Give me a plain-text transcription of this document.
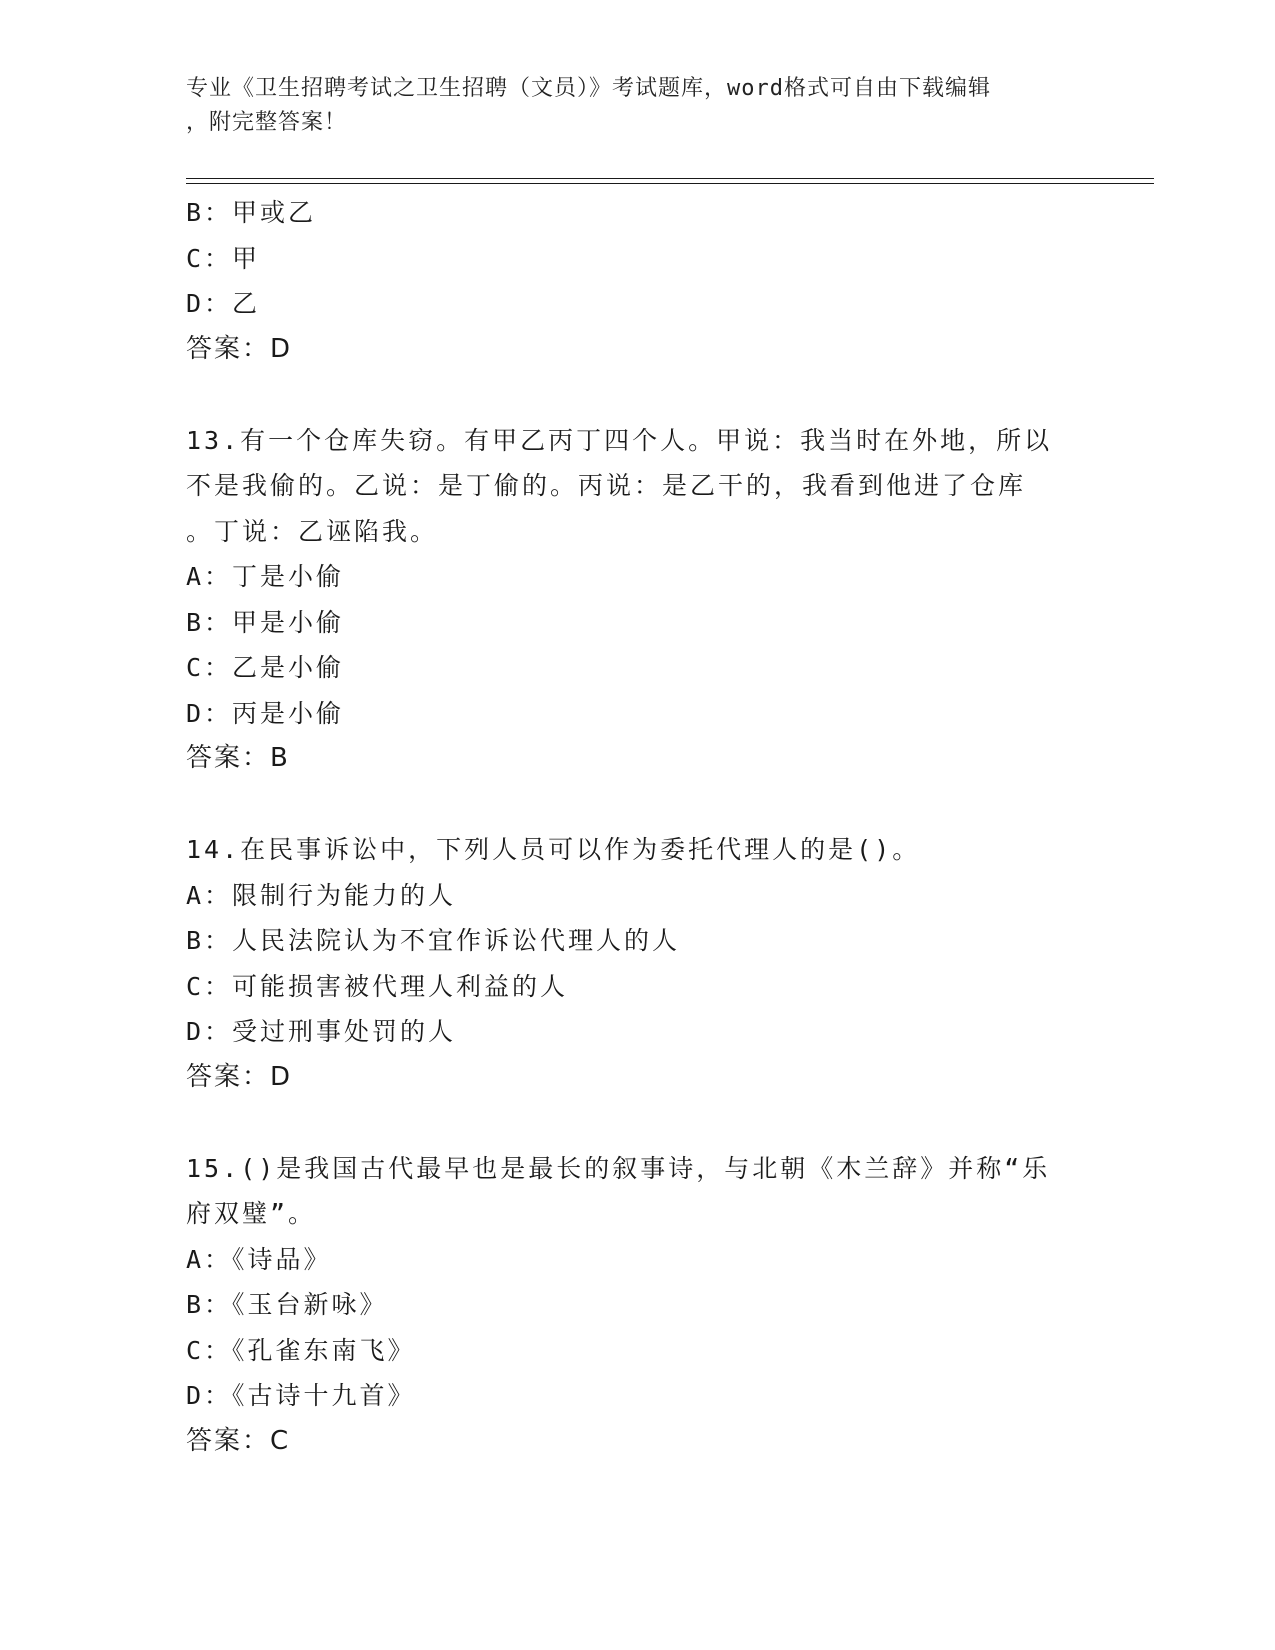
专业《卫生招聘考试之卫生招聘（文员）》考试题库，word格式可自由下载编辑
，附完整答案！
B：甲或乙
C：甲
D：乙
答案：D
13.有一个仓库失窃。有甲乙丙丁四个人。甲说：我当时在外地，所以
不是我偷的。乙说：是丁偷的。丙说：是乙干的，我看到他进了仓库
。丁说：乙诬陷我。
A：丁是小偷
B：甲是小偷
C：乙是小偷
D：丙是小偷
答案：B
14.在民事诉讼中，下列人员可以作为委托代理人的是()。
A：限制行为能力的人
B：人民法院认为不宜作诉讼代理人的人
C：可能损害被代理人利益的人
D：受过刑事处罚的人
答案：D
15.()是我国古代最早也是最长的叙事诗，与北朝《木兰辞》并称“乐
府双璧”。
A：《诗品》
B：《玉台新咏》
C：《孔雀东南飞》
D：《古诗十九首》
答案：C
